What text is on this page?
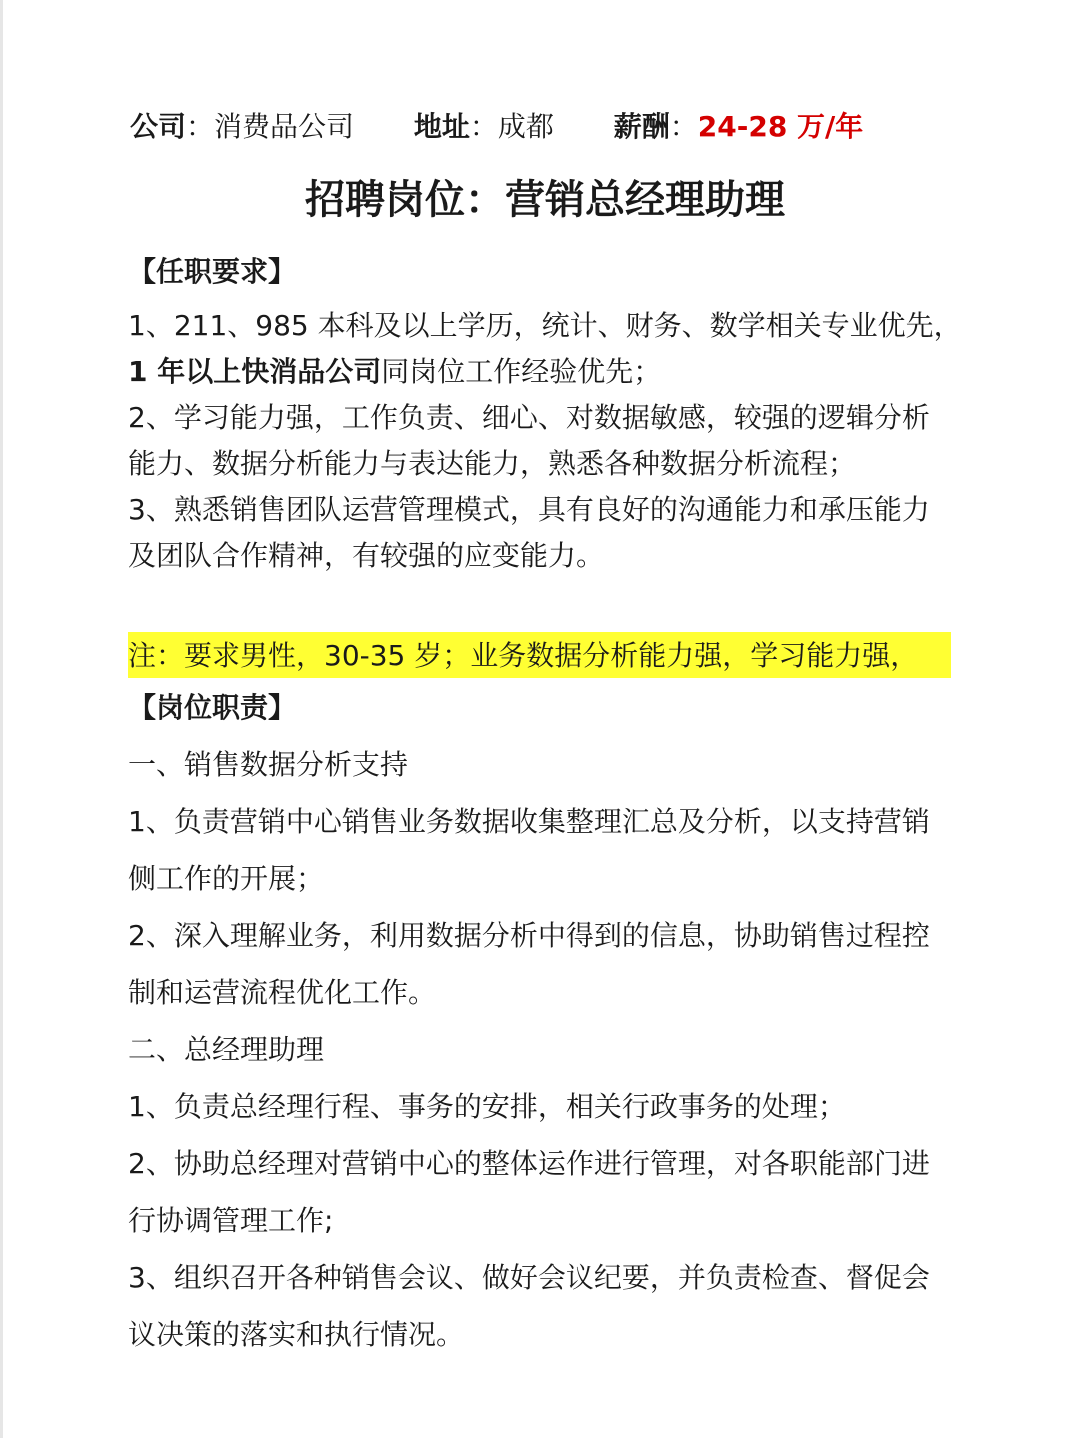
公司：消费品公司 地址：成都 薪酬：24-28 万/年
招聘岗位：营销总经理助理
【任职要求】

1、211、985 本科及以上学历，统计、财务、数学相关专业优先，

1 年以上快消品公司同岗位工作经验优先；

2、学习能力强，工作负责、细心、对数据敏感，较强的逻辑分析

能力、数据分析能力与表达能力，熟悉各种数据分析流程；

3、熟悉销售团队运营管理模式，具有良好的沟通能力和承压能力

及团队合作精神，有较强的应变能力。

注：要求男性，30-35 岁；业务数据分析能力强，学习能力强，
【岗位职责】

一、销售数据分析支持

1、负责营销中心销售业务数据收集整理汇总及分析，以支持营销

侧工作的开展；

2、深入理解业务，利用数据分析中得到的信息，协助销售过程控

制和运营流程优化工作。

二、总经理助理

1、负责总经理行程、事务的安排，相关行政事务的处理；

2、协助总经理对营销中心的整体运作进行管理，对各职能部门进

行协调管理工作;

3、组织召开各种销售会议、做好会议纪要，并负责检查、督促会

议决策的落实和执行情况。
